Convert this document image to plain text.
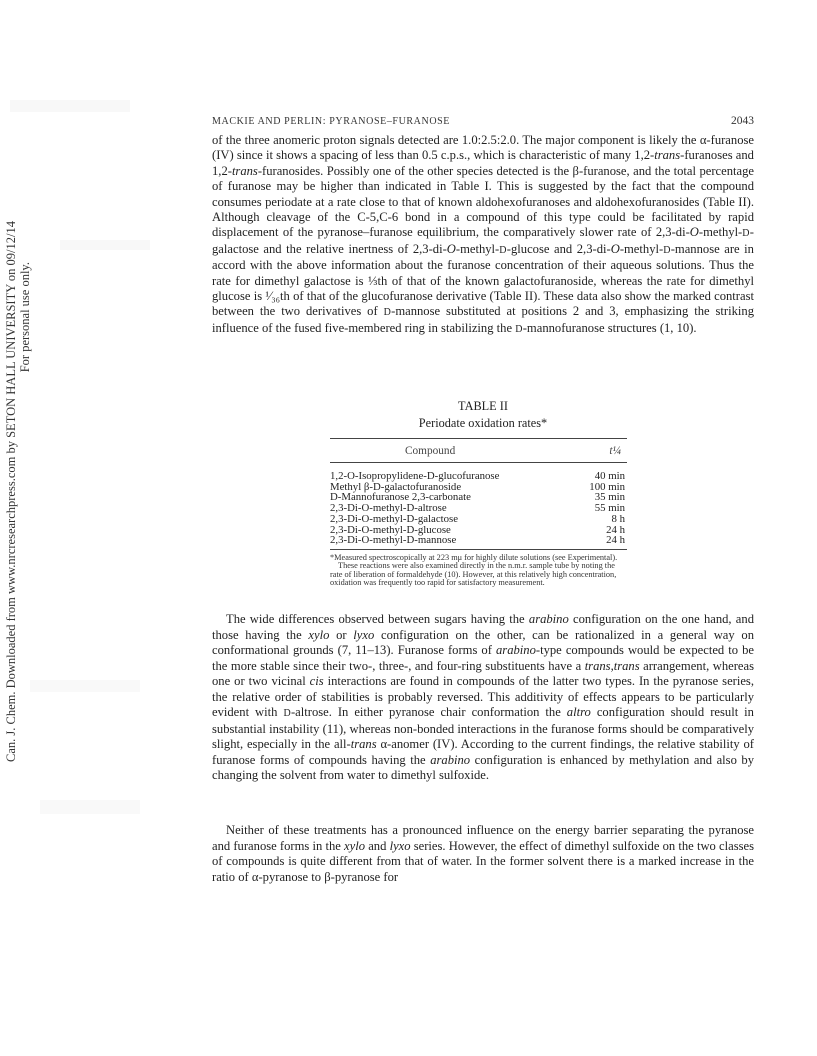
Can. J. Chem. Downloaded from www.nrcresearchpress.com by SETON HALL UNIVERSITY on 09/12/14 For personal use only.
MACKIE AND PERLIN: PYRANOSE–FURANOSE	2043

of the three anomeric proton signals detected are 1.0:2.5:2.0. The major component is likely the α-furanose (IV) since it shows a spacing of less than 0.5 c.p.s., which is characteristic of many 1,2-trans-furanoses and 1,2-trans-furanosides. Possibly one of the other species detected is the β-furanose, and the total percentage of furanose may be higher than indicated in Table I. This is suggested by the fact that the compound consumes periodate at a rate close to that of known aldohexofuranoses and aldohexofuranosides (Table II). Although cleavage of the C-5,C-6 bond in a compound of this type could be facilitated by rapid displacement of the pyranose–furanose equilibrium, the comparatively slower rate of 2,3-di-O-methyl-D-galactose and the relative inertness of 2,3-di-O-methyl-D-glucose and 2,3-di-O-methyl-D-mannose are in accord with the above information about the furanose concentration of their aqueous solutions. Thus the rate for dimethyl galactose is ⅓th of that of the known galactofuranoside, whereas the rate for dimethyl glucose is ¹⁄₃₆th of that of the glucofuranose derivative (Table II). These data also show the marked contrast between the two derivatives of D-mannose substituted at positions 2 and 3, emphasizing the striking influence of the fused five-membered ring in stabilizing the D-mannofuranose structures (1, 10).

TABLE II
Periodate oxidation rates*
Compound	t¼
1,2-O-Isopropylidene-D-glucofuranose	40 min
Methyl β-D-galactofuranoside	100 min
D-Mannofuranose 2,3-carbonate	35 min
2,3-Di-O-methyl-D-altrose	55 min
2,3-Di-O-methyl-D-galactose	8 h
2,3-Di-O-methyl-D-glucose	24 h
2,3-Di-O-methyl-D-mannose	24 h

*Measured spectroscopically at 223 mμ for highly dilute solutions (see Experimental).

These reactions were also examined directly in the n.m.r. sample tube by noting the rate of liberation of formaldehyde (10). However, at this relatively high concentration, oxidation was frequently too rapid for satisfactory measurement.

The wide differences observed between sugars having the arabino configuration on the one hand, and those having the xylo or lyxo configuration on the other, can be rationalized in a general way on conformational grounds (7, 11–13). Furanose forms of arabino-type compounds would be expected to be the more stable since their two-, three-, and four-ring substituents have a trans,trans arrangement, whereas one or two vicinal cis interactions are found in compounds of the latter two types. In the pyranose series, the relative order of stabilities is probably reversed. This additivity of effects appears to be particularly evident with D-altrose. In either pyranose chair conformation the altro configuration should result in substantial instability (11), whereas non-bonded interactions in the furanose forms should be comparatively slight, especially in the all-trans α-anomer (IV). According to the current findings, the relative stability of furanose forms of compounds having the arabino configuration is enhanced by methylation and also by changing the solvent from water to dimethyl sulfoxide.

Neither of these treatments has a pronounced influence on the energy barrier separating the pyranose and furanose forms in the xylo and lyxo series. However, the effect of dimethyl sulfoxide on the two classes of compounds is quite different from that of water. In the former solvent there is a marked increase in the ratio of α-pyranose to β-pyranose for
